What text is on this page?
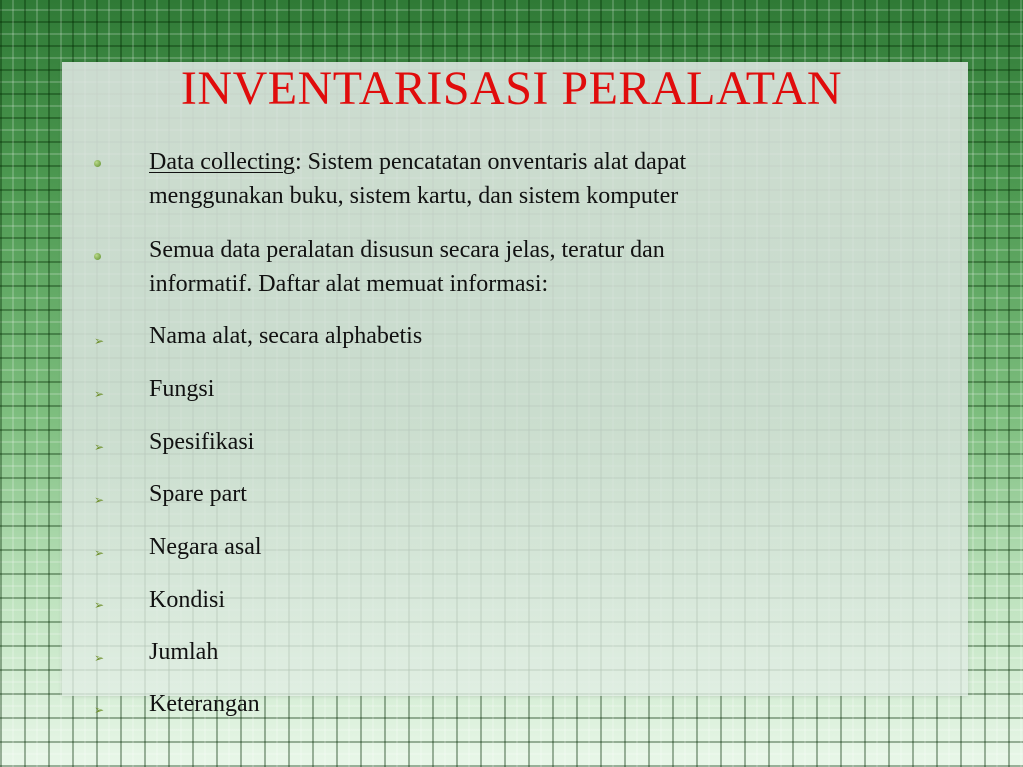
INVENTARISASI PERALATAN
Data collecting: Sistem pencatatan onventaris alat dapat
menggunakan buku, sistem kartu, dan sistem komputer
Semua data peralatan disusun secara jelas, teratur dan
informatif. Daftar alat memuat informasi:
➢ Nama alat, secara alphabetis
➢ Fungsi
➢ Spesifikasi
➢ Spare part
➢ Negara asal
➢ Kondisi
➢ Jumlah
➢ Keterangan
